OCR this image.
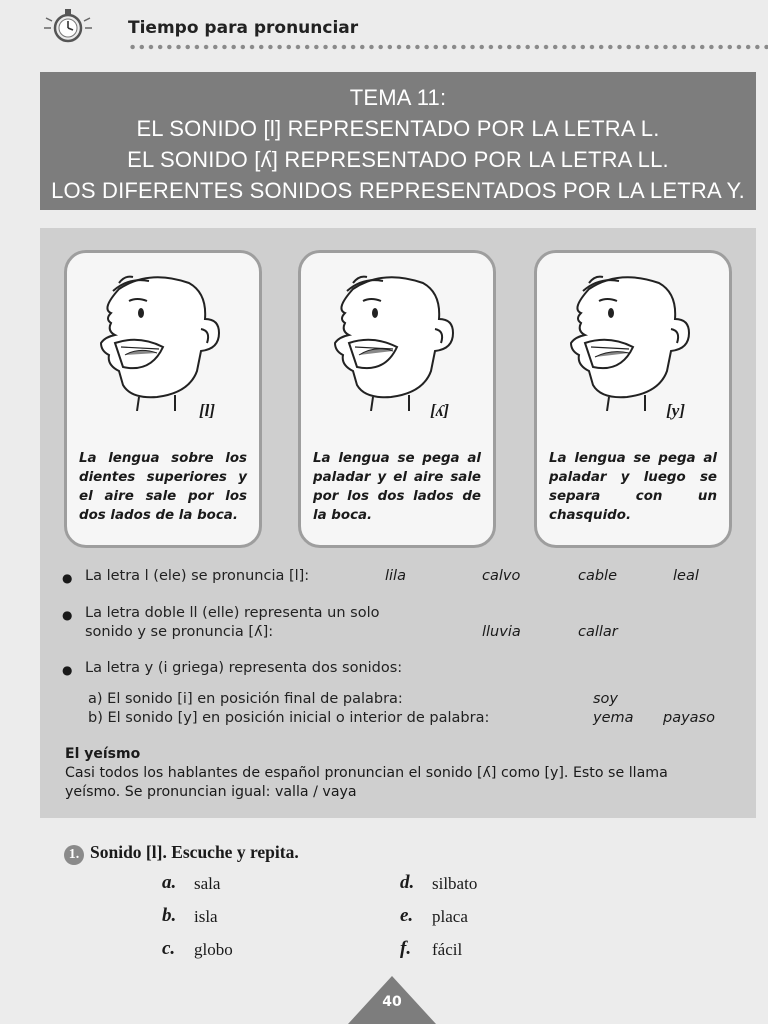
Tiempo para pronunciar
TEMA 11:
EL SONIDO [l] REPRESENTADO POR LA LETRA L.
EL SONIDO [ʎ] REPRESENTADO POR LA LETRA LL.
LOS DIFERENTES SONIDOS REPRESENTADOS POR LA LETRA Y.
[l]
La lengua sobre los dientes superiores y el aire sale por los dos lados de la boca.
[ʎ]
La lengua se pega al paladar y el aire sale por los dos lados de la boca.
[y]
La lengua se pega al paladar y luego se separa con un chasquido.
● La letra l (ele) se pronuncia [l]:	lila	calvo	cable	leal
● La letra doble ll (elle) representa un solo
sonido y se pronuncia [ʎ]:	lluvia	callar
● La letra y (i griega) representa dos sonidos:
a) El sonido [i] en posición final de palabra:	soy
b) El sonido [y] en posición inicial o interior de palabra:	yema payaso
El yeísmo
Casi todos los hablantes de español pronuncian el sonido [ʎ] como [y]. Esto se llama
yeísmo. Se pronuncian igual: valla / vaya
1. Sonido [l]. Escuche y repita.
a. sala
b. isla
c. globo
d. silbato
e. placa
f. fácil
40
